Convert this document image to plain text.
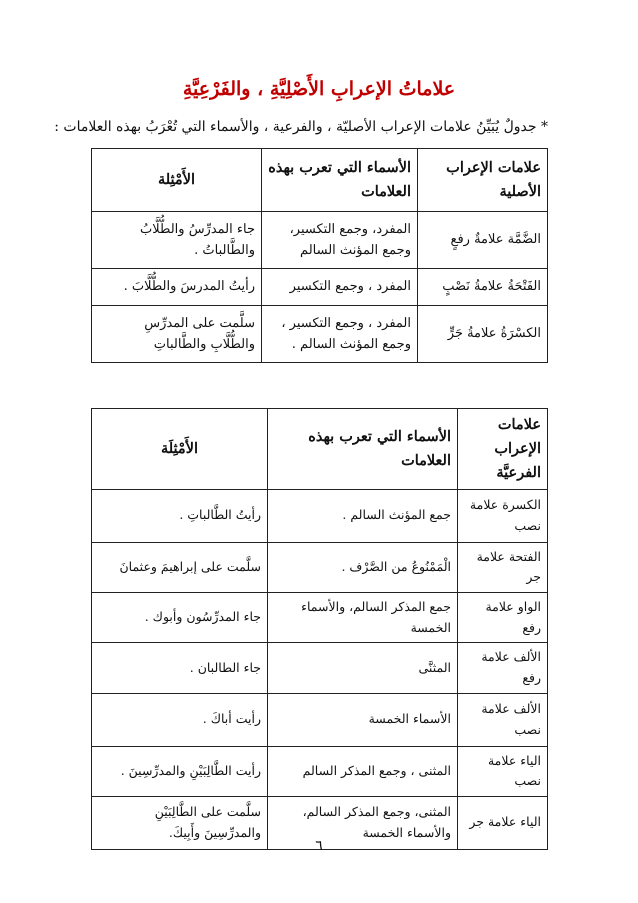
علاماتُ الإعرابِ الأَصْلِيَّةِ ، والفَرْعِيَّةِ
* جدولٌ يُبَيِّنُ علامات الإعراب الأصليّة ، والفرعية ، والأسماء التي تُعْرَبُ بهذه العلامات :
علامات الإعراب الأصلية	الأسماء التي تعرب بهذه العلامات	الأَمْثِلة
الضَّمَّة علامةٌ رفعٍ	المفرد، وجمع التكسير، وجمع المؤنث السالم	جاء المدرِّسُ والطُّلَّابُ والطَّالباتُ .
الفَتْحَةُ علامةُ نَصْبٍ	المفرد ، وجمع التكسير	رأيتُ المدرسَ والطُّلَّابَ .
الكسْرَةُ علامةُ جَرٍّ	المفرد ، وجمع التكسير ، وجمع المؤنث السالم .	سلَّمت على المدرِّسِ والطُّلَّابِ والطَّالباتِ
علامات الإعراب الفرعيَّة	الأسماء التي تعرب بهذه العلامات	الأَمْثِلَة
الكسرة علامة نصب	جمع المؤنث السالم .	رأيتُ الطَّالباتِ .
الفتحة علامة جر	الْمَمْنُوعُ من الصَّرْف .	سلَّمت على إبراهيمَ وعثمانَ
الواو علامة رفع	جمع المذكر السالم، والأسماء الخمسة	جاء المدرِّسُون وأبوك .
الألف علامة رفع	المثنَّى	جاء الطالبان .
الألف علامة نصب	الأسماء الخمسة	رأيت أباكَ .
الياء علامة نصب	المثنى ، وجمع المذكر السالم	رأيت الطَّالِبَيْنِ والمدرِّسِينَ .
الياء علامة جر	المثنى، وجمع المذكر السالم، والأسماء الخمسة	سلَّمت على الطَّالِبَيْنِ والمدرِّسِينَ وأَبِيكَ.
٦
